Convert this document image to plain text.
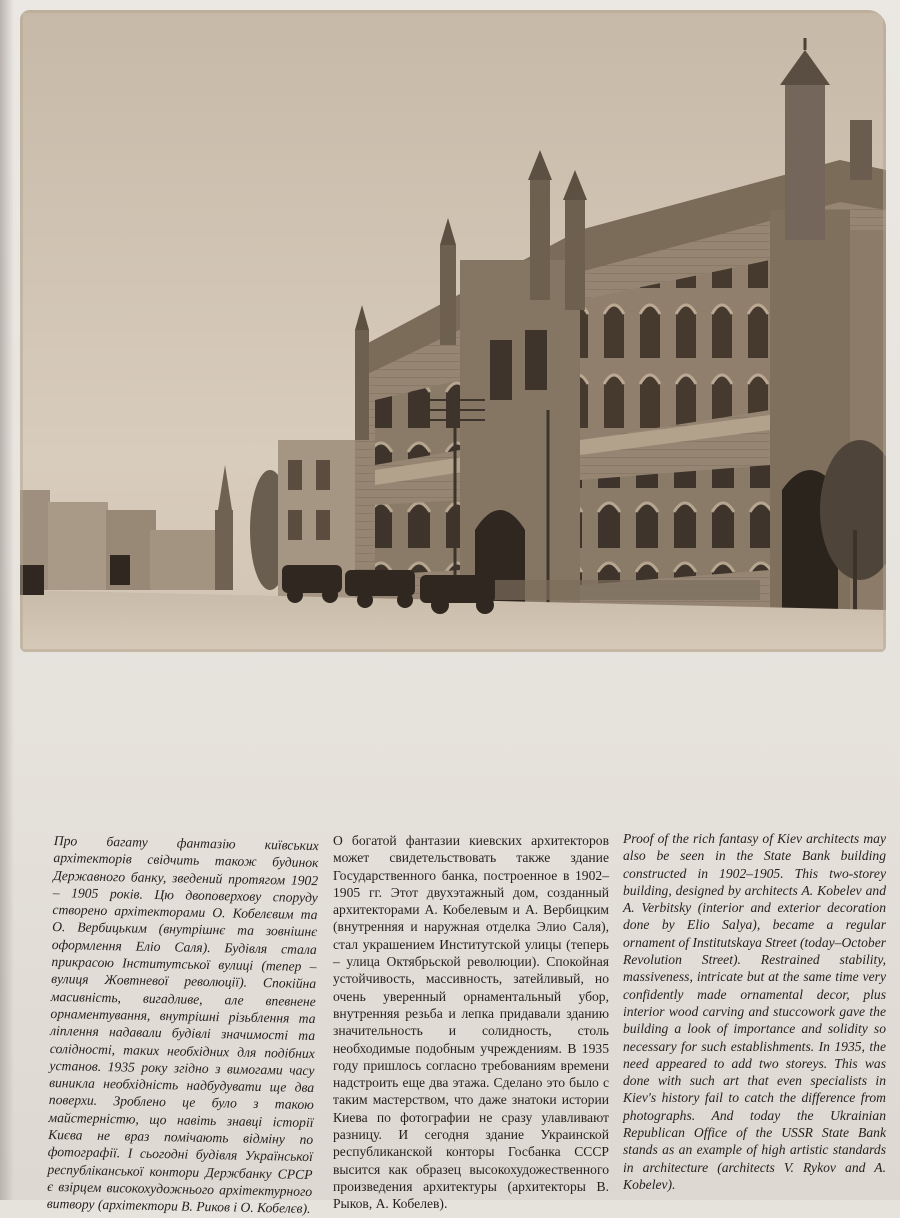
Про багату фантазію київських архітекторів свідчить також будинок Державного банку, зведений протягом 1902 – 1905 років. Цю двоповерхову споруду створено архітекторами О. Кобелєвим та О. Вербицьким (внутрішнє та зовнішнє оформлення Еліо Саля). Будівля стала прикрасою Інститутської вулиці (тепер – вулиця Жовтневої революції). Спокійна масивність, вигадливе, але впевнене орнаментування, внутрішні різьблення та ліплення надавали будівлі значимості та солідності, таких необхідних для подібних установ. 1935 року згідно з вимогами часу виникла необхідність надбудувати ще два поверхи. Зроблено це було з такою майстерністю, що навіть знавці історії Києва не враз помічають відміну по фотографії. І сьогодні будівля Української республіканської контори Держбанку СРСР є взірцем високохудожнього архітектурного витвору (архітектори В. Риков і О. Кобелєв).

О богатой фантазии киевских архитекторов может свидетельствовать также здание Государственного банка, построенное в 1902–1905 гг. Этот двухэтажный дом, созданный архитекторами А. Кобелевым и А. Вербицким (внутренняя и наружная отделка Элио Саля), стал украшением Институтской улицы (теперь – улица Октябрьской революции). Спокойная устойчивость, массивность, затейливый, но очень уверенный орнаментальный убор, внутренняя резьба и лепка придавали зданию значительность и солидность, столь необходимые подобным учреждениям. В 1935 году пришлось согласно требованиям времени надстроить еще два этажа. Сделано это было с таким мастерством, что даже знатоки истории Киева по фотографии не сразу улавливают разницу. И сегодня здание Украинской республиканской конторы Госбанка СССР высится как образец высокохудожественного произведения архитектуры (архитекторы В. Рыков, А. Кобелев).

Proof of the rich fantasy of Kiev architects may also be seen in the State Bank building constructed in 1902–1905. This two-storey building, designed by architects A. Kobelev and A. Verbitsky (interior and exterior decoration done by Elio Salya), became a regular ornament of Institutskaya Street (today–October Revolution Street). Restrained stability, massiveness, intricate but at the same time very confidently made ornamental decor, plus interior wood carving and stuccowork gave the building a look of importance and solidity so necessary for such establishments. In 1935, the need appeared to add two storeys. This was done with such art that even specialists in Kiev's history fail to catch the difference from photographs. And today the Ukrainian Republican Office of the USSR State Bank stands as an example of high artistic standards in architecture (architects V. Rykov and A. Kobelev).
